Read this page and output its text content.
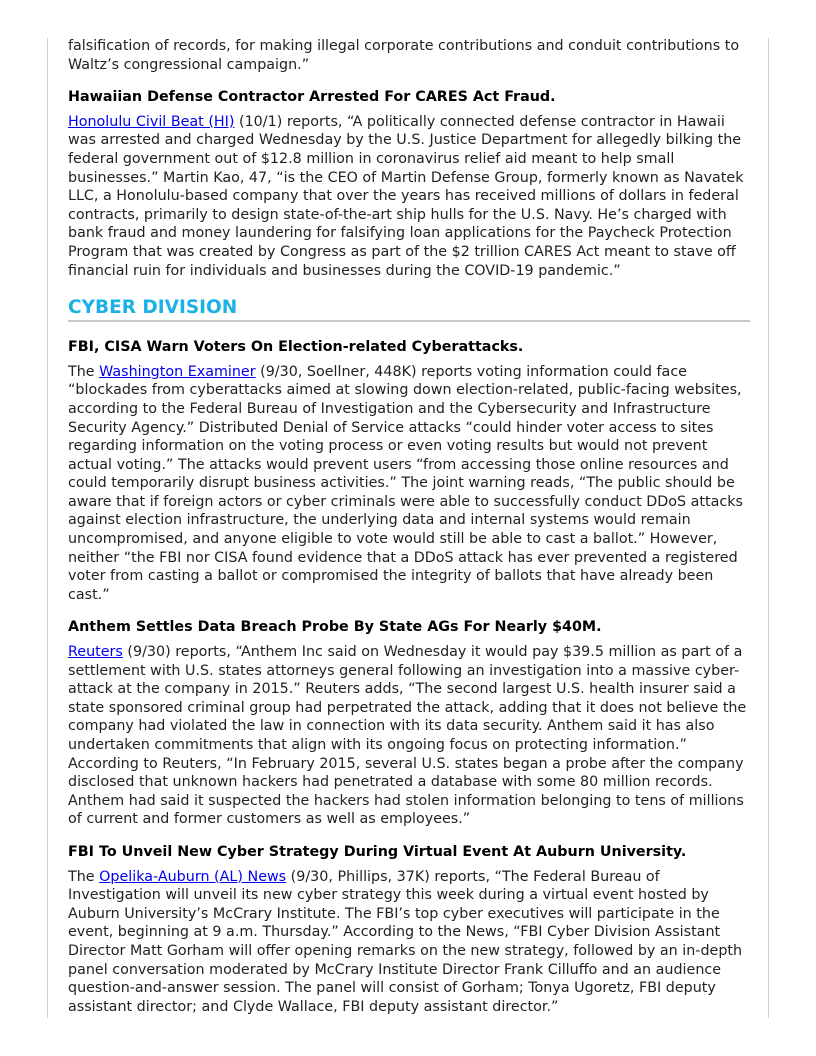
falsification of records, for making illegal corporate contributions and conduit contributions to Waltz’s congressional campaign.”

Hawaiian Defense Contractor Arrested For CARES Act Fraud.

Honolulu Civil Beat (HI) (10/1) reports, “A politically connected defense contractor in Hawaii was arrested and charged Wednesday by the U.S. Justice Department for allegedly bilking the federal government out of $12.8 million in coronavirus relief aid meant to help small businesses.” Martin Kao, 47, “is the CEO of Martin Defense Group, formerly known as Navatek LLC, a Honolulu-based company that over the years has received millions of dollars in federal contracts, primarily to design state-of-the-art ship hulls for the U.S. Navy. He’s charged with bank fraud and money laundering for falsifying loan applications for the Paycheck Protection Program that was created by Congress as part of the $2 trillion CARES Act meant to stave off financial ruin for individuals and businesses during the COVID-19 pandemic.”

CYBER DIVISION
FBI, CISA Warn Voters On Election-related Cyberattacks.

The Washington Examiner (9/30, Soellner, 448K) reports voting information could face “blockades from cyberattacks aimed at slowing down election-related, public-facing websites, according to the Federal Bureau of Investigation and the Cybersecurity and Infrastructure Security Agency.” Distributed Denial of Service attacks “could hinder voter access to sites regarding information on the voting process or even voting results but would not prevent actual voting.” The attacks would prevent users “from accessing those online resources and could temporarily disrupt business activities.” The joint warning reads, “The public should be aware that if foreign actors or cyber criminals were able to successfully conduct DDoS attacks against election infrastructure, the underlying data and internal systems would remain uncompromised, and anyone eligible to vote would still be able to cast a ballot.” However, neither “the FBI nor CISA found evidence that a DDoS attack has ever prevented a registered voter from casting a ballot or compromised the integrity of ballots that have already been cast.”

Anthem Settles Data Breach Probe By State AGs For Nearly $40M.

Reuters (9/30) reports, “Anthem Inc said on Wednesday it would pay $39.5 million as part of a settlement with U.S. states attorneys general following an investigation into a massive cyber-attack at the company in 2015.” Reuters adds, “The second largest U.S. health insurer said a state sponsored criminal group had perpetrated the attack, adding that it does not believe the company had violated the law in connection with its data security. Anthem said it has also undertaken commitments that align with its ongoing focus on protecting information.” According to Reuters, “In February 2015, several U.S. states began a probe after the company disclosed that unknown hackers had penetrated a database with some 80 million records. Anthem had said it suspected the hackers had stolen information belonging to tens of millions of current and former customers as well as employees.”

FBI To Unveil New Cyber Strategy During Virtual Event At Auburn University.

The Opelika-Auburn (AL) News (9/30, Phillips, 37K) reports, “The Federal Bureau of Investigation will unveil its new cyber strategy this week during a virtual event hosted by Auburn University’s McCrary Institute. The FBI’s top cyber executives will participate in the event, beginning at 9 a.m. Thursday.” According to the News, “FBI Cyber Division Assistant Director Matt Gorham will offer opening remarks on the new strategy, followed by an in-depth panel conversation moderated by McCrary Institute Director Frank Cilluffo and an audience question-and-answer session. The panel will consist of Gorham; Tonya Ugoretz, FBI deputy assistant director; and Clyde Wallace, FBI deputy assistant director.”
